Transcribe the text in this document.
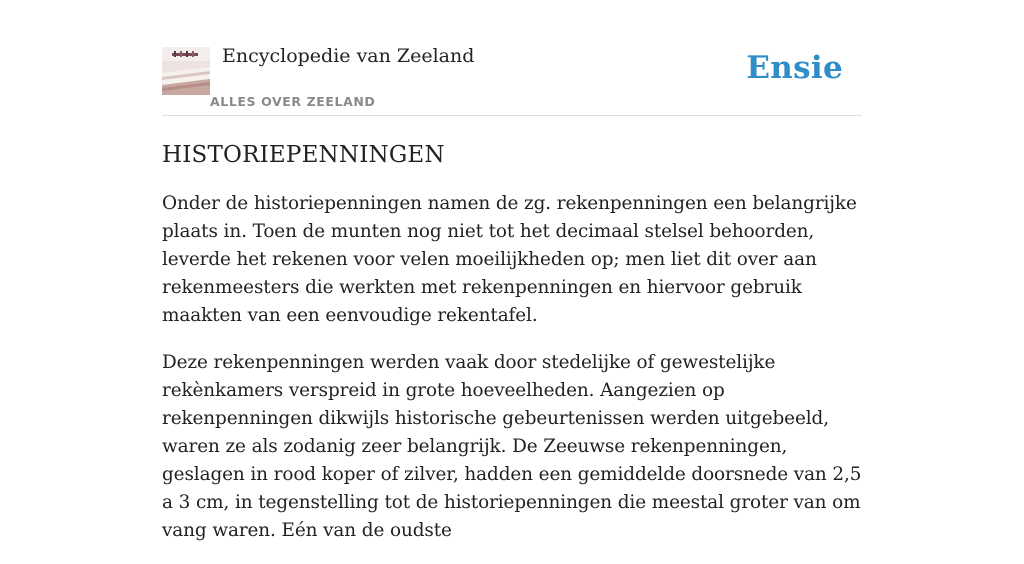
Encyclopedie van Zeeland
ALLES OVER ZEELAND
Ensie
HISTORIEPENNINGEN

Onder de historiepenningen namen de zg. rekenpenningen een belangrijke plaats in. Toen de munten nog niet tot het decimaal stelsel behoorden, leverde het rekenen voor velen moeilijkheden op; men liet dit over aan rekenmeesters die werkten met rekenpenningen en hiervoor gebruik maakten van een eenvoudige rekentafel.

Deze rekenpenningen werden vaak door stedelijke of gewestelijke rekènkamers verspreid in grote hoeveelheden. Aangezien op rekenpenningen dikwijls historische gebeurtenissen werden uitgebeeld, waren ze als zodanig zeer belangrijk. De Zeeuwse rekenpenningen, geslagen in rood koper of zilver, hadden een gemiddelde doorsnede van 2,5 a 3 cm, in tegenstelling tot de historiepenningen die meestal groter van om vang waren. Eén van de oudste
